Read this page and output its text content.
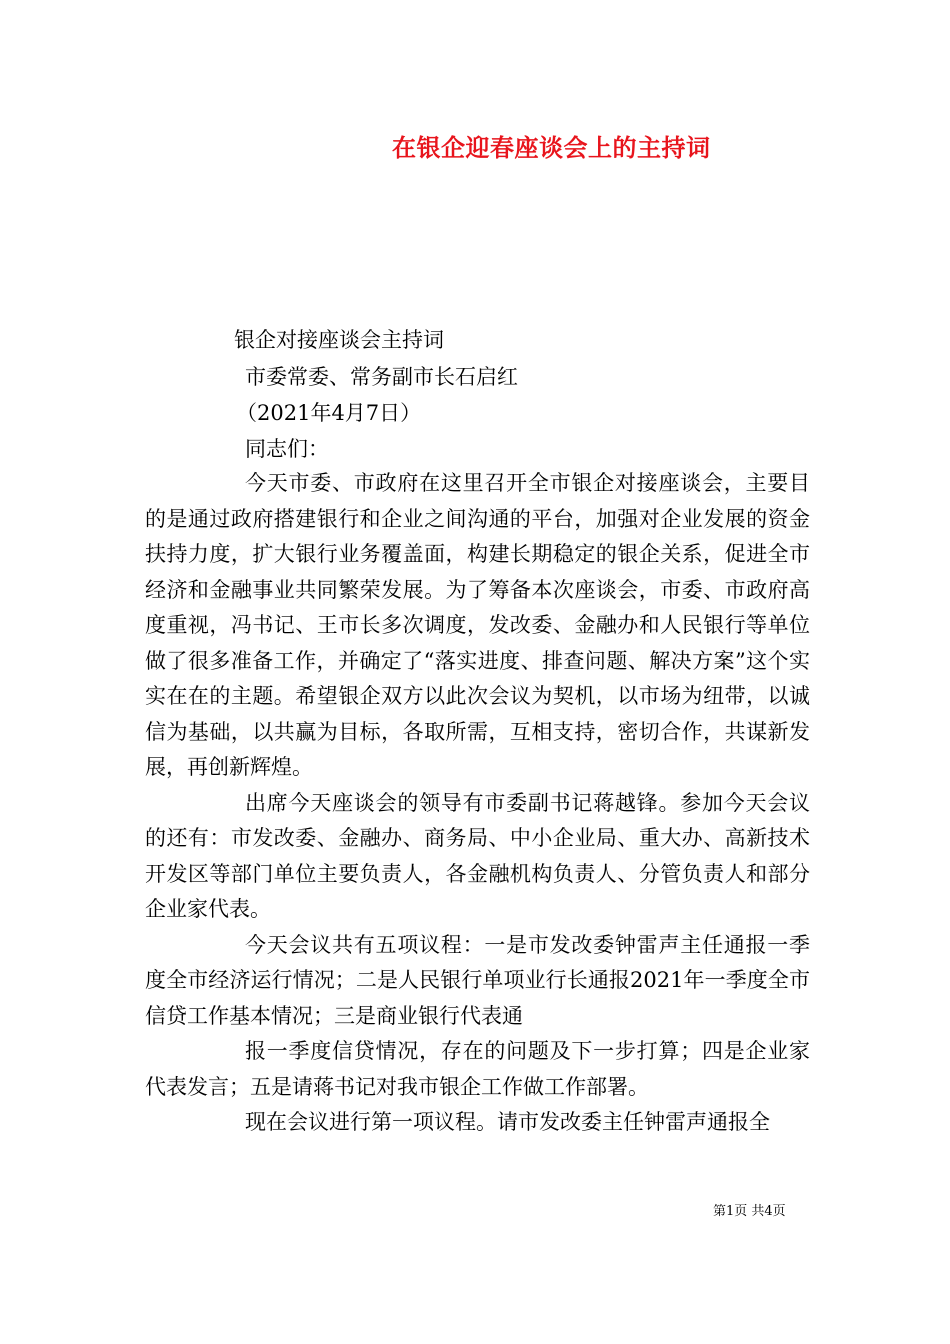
在银企迎春座谈会上的主持词
银企对接座谈会主持词
市委常委、常务副市长石启红
（2021年4月7日）
同志们：

今天市委、市政府在这里召开全市银企对接座谈会，主要目的是通过政府搭建银行和企业之间沟通的平台，加强对企业发展的资金扶持力度，扩大银行业务覆盖面，构建长期稳定的银企关系，促进全市经济和金融事业共同繁荣发展。为了筹备本次座谈会，市委、市政府高度重视，冯书记、王市长多次调度，发改委、金融办和人民银行等单位做了很多准备工作，并确定了“落实进度、排查问题、解决方案”这个实实在在的主题。希望银企双方以此次会议为契机，以市场为纽带，以诚信为基础，以共赢为目标，各取所需，互相支持，密切合作，共谋新发展，再创新辉煌。

出席今天座谈会的领导有市委副书记蒋越锋。参加今天会议的还有：市发改委、金融办、商务局、中小企业局、重大办、高新技术开发区等部门单位主要负责人，各金融机构负责人、分管负责人和部分企业家代表。

今天会议共有五项议程：一是市发改委钟雷声主任通报一季度全市经济运行情况；二是人民银行单项业行长通报2021年一季度全市信贷工作基本情况；三是商业银行代表通

报一季度信贷情况，存在的问题及下一步打算；四是企业家代表发言；五是请蒋书记对我市银企工作做工作部署。

现在会议进行第一项议程。请市发改委主任钟雷声通报全

第1页 共4页
